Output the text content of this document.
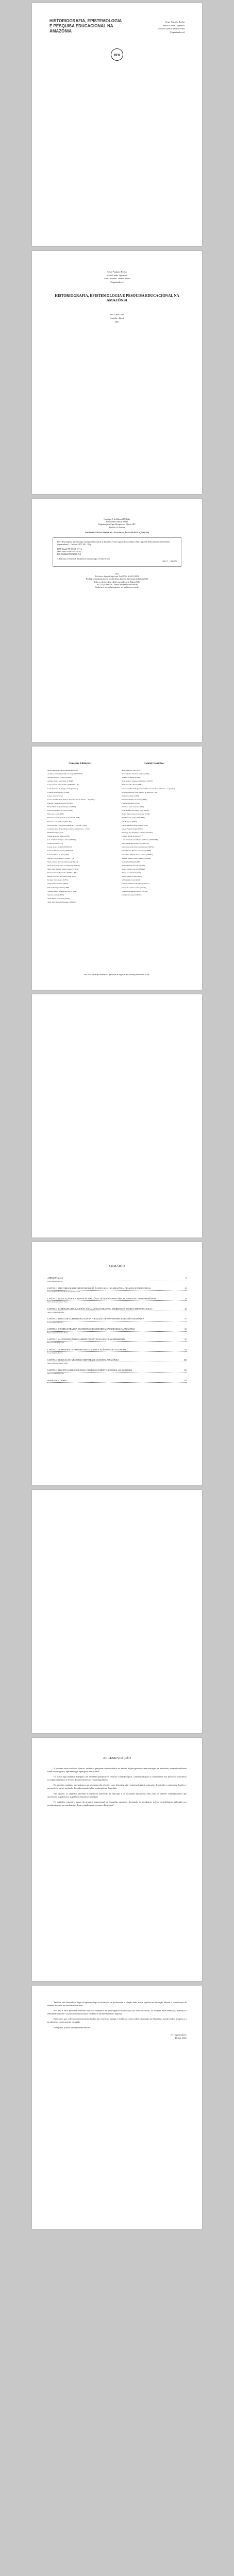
HISTORIOGRAFIA, EPISTEMOLOGIA E PESQUISA EDUCACIONAL NA AMAZÔNIA
Cesar Augusto Rocha
Maria Cárdia Lipparelli
Maria Lusida Carneiro Paula
(Organizadores)
crv
Cesar Augusto Rocha
Maria Cárdia Lipparelli
Maria Lusida Carneiro Paula
(Organizadores)
HISTORIOGRAFIA, EPISTEMOLOGIA E PESQUISA EDUCACIONAL NA AMAZÔNIA
EDITORA CRV
Curitiba – Brasil
2021

Copyright © da Editora CRV Ltda.
Editor-chefe: Railson Moura
Diagramação e Capa: Designers da Editora CRV
Revisão: Os Autores

DADOS INTERNACIONAIS DE CATALOGAÇÃO NA PUBLICAÇÃO (CIP)

H673 Historiografia, epistemologia e pesquisa educacional na Amazônia / Cesar Augusto Rocha, Maria Cárdia Lipparelli, Maria Lusida Carneiro Paula (organizadores) – Curitiba : CRV, 2021. 126 p.
ISBN Digital 978-65-251-2171-1
ISBN Físico 978-65-251-2170-4
DOI 10.24824/978652512170.4
1. Educação 2. História 3. Amazônia 4. Epistemologia I. Título II. Série
CDU 37 · CDD 370

2021
Foi feito o depósito legal conf. Lei 10.994 de 14/12/2004
Proibida a reprodução parcial ou total desta obra sem autorização da Editora CRV
Todos os direitos desta edição reservados pela: Editora CRV
Tel.: (41) 3039-6418 · E-mail: sac@editoracrv.com.br
Conheça os nossos lançamentos: www.editoracrv.com.br

Conselho Editorial:
Aldira Guimarães Duarte Domínguez (UNB)
Andréia da Silva Quintanilha Sousa (UNIR/UFRN)
Anselmo Alencar Colares (UFOPA)
Antônio Pereira Gaio Júnior (UFRRJ)
Carlos Alberto Vilar Estêvão (UMINHO – PT)
Carlos Federico Domínguez Avila (Unieuro)
Carmen Tereza Velanga (UNIR)
Celso Conti (UFSCar)
Cesar Gerónimo Tello (Univer. Nacional Três de Febrero – Argentina)
Eduardo Fernandes Barbosa (UFMG)
Elione Maria Nogueira Diogenes (UFAL)
Elizeu Clementino de Souza (UNEB)
Élsio José Corá (UFFS)
Fernando Antônio Gonçalves Alcoforado (IPB)
Francisco Carlos Duarte (PUC-PR)
Gloria Fariñas León (Universidade de La Havana – Cuba)
Guillermo Arias Beatón (Universidade de La Havana – Cuba)
Helmuth Krüger (UCP)
Jailson Alves dos Santos (UFRJ)
João Adalberto Campato Junior (UNESP)
Josania Portela (UFPI)
Leonel Severo Rocha (UNISINOS)
Lídia de Oliveira Xavier (UNIEURO)
Lourdes Helena da Silva (UFV)
Marcelo Paixão (UFRJ e UTexas – US)
Maria Cristina dos Santos Bezerra (UFSCar)
Maria de Lourdes Pinto de Almeida (UNOESC)
Maria Lília Imbiriba Sousa Colares (UFOPA)
Paulo Romualdo Hernandes (UNIFAL-MG)
Renato Francisco dos Santos Paula (UFG)
Rodrigo Pratte-Santos (UFES)
Sérgio Nunes de Jesus (IFRO)
Simone Rodrigues Pinto (UNB)
Solange Helena Ximenes-Rocha (UFOPA)
Sydione Santos (UEPG)
Tadeu Oliver Gonçalves (UFPA)
Tania Suely Azevedo Brasileiro (UFOPA)
Comitê Científico:
Altair Alberto Fávero (UPF)
Ana Chrystina Venancio Mignot (UERJ)
Andréia N. Militão (UEMS)
Anna Augusta Sampaio de Oliveira (UNESP)
Barbara Coelho Neves (UFBA)
Cesar Gerónimo Tello (Universidad Nacional de Três de Febrero – Argentina)
Diosnel Centurion (Univ Americ. de Asunción – Py)
Eliane Rose Maio (UEM)
Elizeu Clementino de Souza (UNEB)
Fauston Negreiros (UFPI)
Francisco Ari de Andrade (UFC)
Gláucia Maria dos Santos Jorge (UFOP)
Helder Buenos Aires de Carvalho (UFPI)
Ilma Passos A. Veiga (UNICEUB)
Inês Bragança (UERJ)
José de Ribamar Sousa Pereira (UCB)
Jussara Fraga Portugal (UNEB)
Kilwangy Kya Kapitango-a-Samba (Unemat)
Lourdes Helena da Silva (UFV)
Lucia Marisy Souza Ribeiro de Oliveira (UNIVASF)
Marcos Vinicius Francisco (UNOESTE)
Maria de Lourdes Pinto de Almeida (UNOESC)
Maria Eurácia Barreto de Andrade (UFRB)
Maria Lília Imbiriba Sousa Colares (UFOPA)
Míghian Danae Ferreira Nunes (UNILAB)
Mohammed Elhajji (UFRJ)
Mônica Pereira dos Santos (UFRJ)
Najela Tavares Ujiie (UNESPAR)
Nilson José Machado (USP)
Sérgio Nunes de Jesus (IFRO)
Silvia Regina Canan (URI)
Sonia Maria Ferreira Koehler (UNISAL)
Suzana dos Santos Gomes (UFMG)
Vânia Alves Martins Chaigar (FURG)
Vera Lucia Gaspar (UDESC)
Este livro passou por avaliação e aprovação às cegas de dois ou mais pareceristas ad hoc.
SUMÁRIO
APRESENTAÇÃO	9
Cesar Augusto Rocha
CAPÍTULO 1 HISTORIOGRAFIA E EPISTEMOLOGIA DA EDUCAÇÃO NA AMAZÔNIA: DESAFIOS E PERSPECTIVAS	13
Cesar Augusto Rocha, Maria Cárdia Lipparelli
CAPÍTULO 2 EDUCAÇÃO E SOCIEDADE NA AMAZÔNIA: TRAJETÓRIAS HISTÓRICAS E DEBATES CONTEMPORÂNEOS	29
Maria Lusida Carneiro Paula
CAPÍTULO 3 A PESQUISA EDUCACIONAL NA AMAZÔNIA PARAENSE: ABORDAGENS TEÓRICO-METODOLÓGICAS	43
Maria Cárdia Lipparelli
CAPÍTULO 4 O LUGAR DA EPISTEMOLOGIA NA FORMAÇÃO DE PROFESSORES DA REGIÃO AMAZÔNICA	57
Cesar Augusto Rocha
CAPÍTULO 5 TEORIA E PRÁTICA DOS PROFESSORES DE EDUCAÇÃO INFANTIL NA AMAZÔNIA	69
Maria Lusida Carneiro Paula
CAPÍTULO 6 A CONSTRUÇÃO DE SABERES DOCENTES NAS ESCOLAS RIBEIRINHAS	81
Maria Cárdia Lipparelli
CAPÍTULO 7 CAMINHOS DA HISTORIOGRAFIA DA EDUCAÇÃO NO NORTE DO BRASIL	93
Cesar Augusto Rocha
CAPÍTULO 8 EDUCAÇÃO, MEMÓRIA E IDENTIDADE CULTURAL AMAZÔNICA	105
Maria Lusida Carneiro Paula
CAPÍTULO 9 POLÍTICAS EDUCACIONAIS E DESENVOLVIMENTO REGIONAL NA AMAZÔNIA	113
Maria Cárdia Lipparelli
SOBRE OS AUTORES	123
APRESENTAÇÃO

A presente obra resulta de leituras, estudos e pesquisas desenvolvidos no âmbito da pós-graduação em educação na Amazônia, reunindo reflexões sobre historiografia, epistemologia e pesquisa educacional.

Os textos aqui reunidos dialogam com diferentes perspectivas teóricas e metodológicas, contribuindo para a compreensão dos processos educativos na região amazônica e de seus desafios históricos e contemporâneos.

No primeiro capítulo, apresentamos um panorama das relações entre historiografia e epistemologia da educação, discutindo os principais desafios e perspectivas para a produção do conhecimento sobre a educação na Amazônia.

Em seguida, os capítulos abordam as trajetórias históricas da educação e da sociedade amazônica, bem como os debates contemporâneos que atravessam as políticas e as práticas educativas na região.

Os capítulos seguintes tratam da pesquisa educacional na Amazônia paraense, discutindo as abordagens teórico-metodológicas utilizadas por pesquisadores e as contribuições desses estudos para o campo educacional.

Também são discutidos o lugar da epistemologia na formação de professores, a relação entre teoria e prática na educação infantil e a construção de saberes docentes nas escolas ribeirinhas.

Por fim, a obra apresenta reflexões sobre os caminhos da historiografia da educação no Norte do Brasil, as relações entre educação, memória e identidade cultural e as políticas educacionais voltadas ao desenvolvimento regional.

Esperamos que os leitores encontrem nesta obra um convite ao diálogo e à reflexão crítica sobre a educação na Amazônia, fortalecendo a pesquisa e a produção de conhecimento na região.

Desejamos a todos uma excelente leitura.

Os Organizadores
Belém, 2021
